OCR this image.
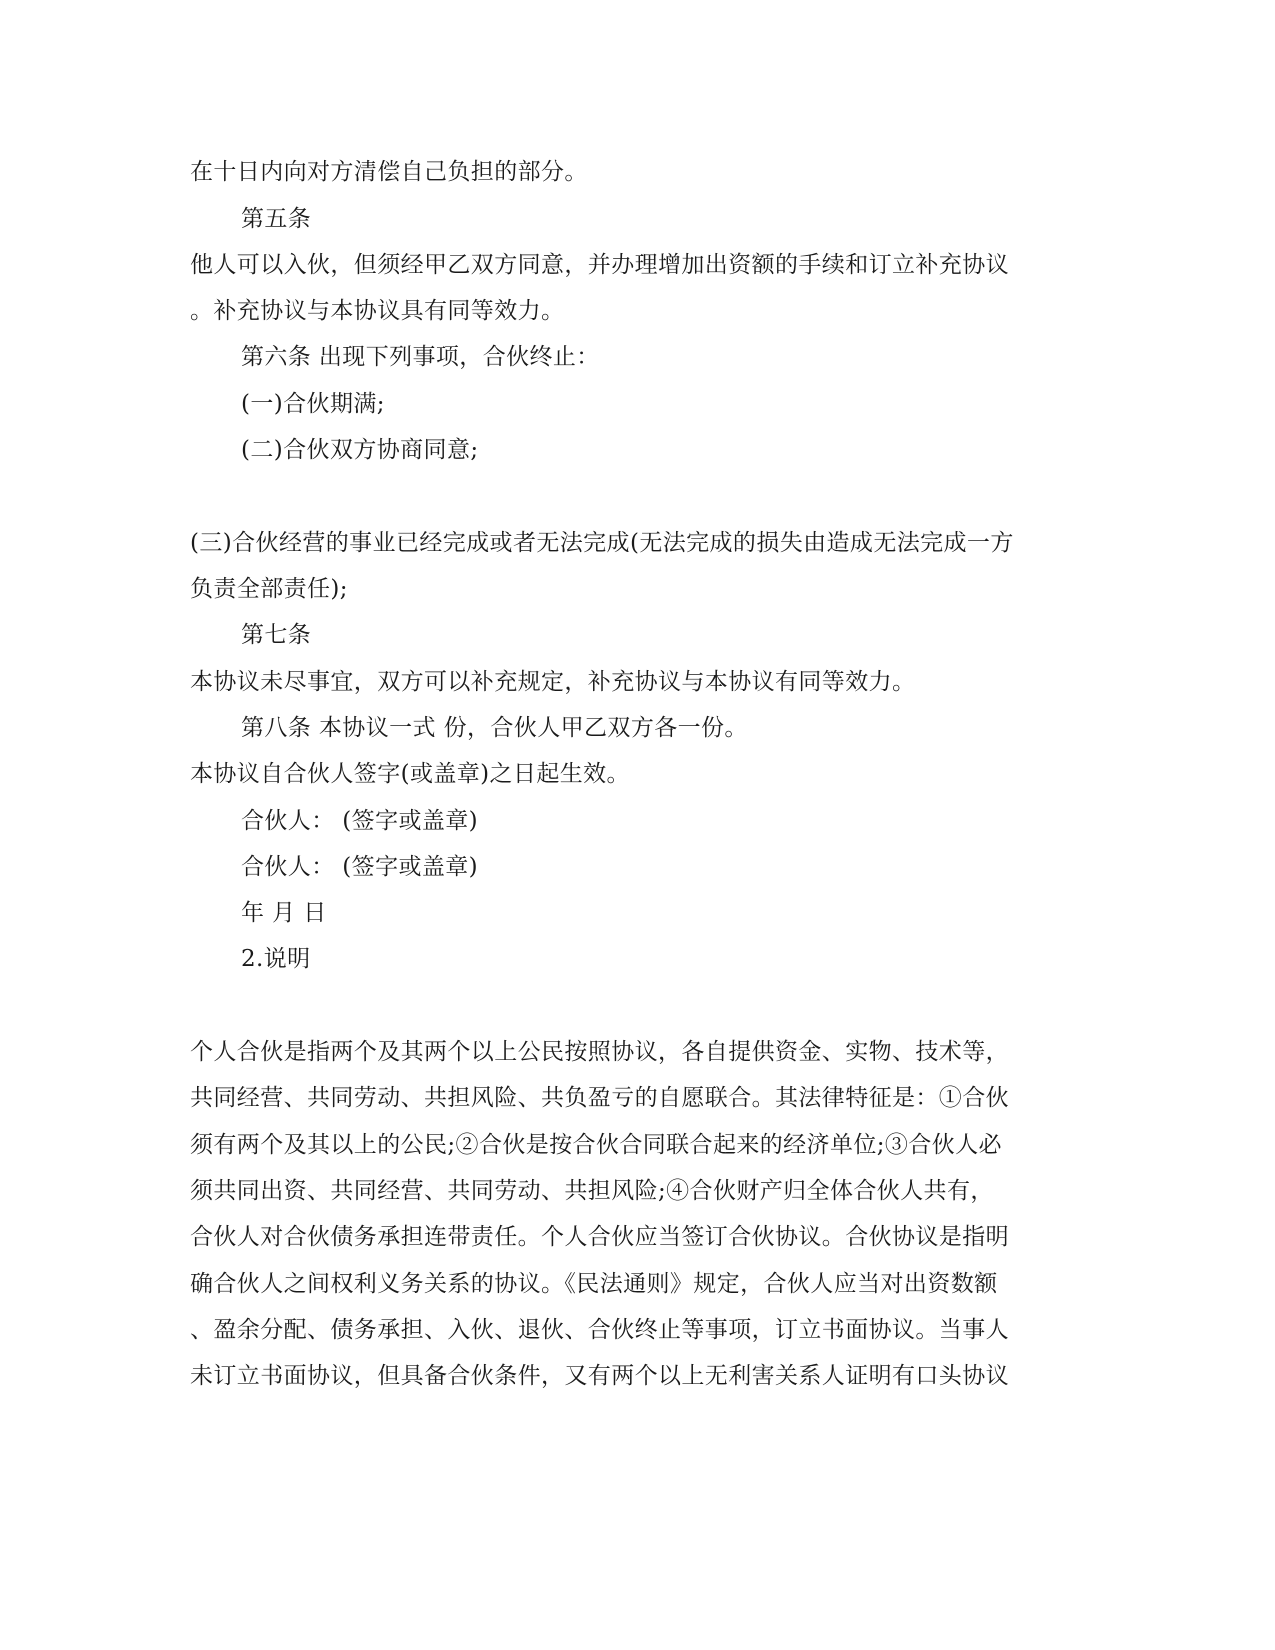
在十日内向对方清偿自己负担的部分。
第五条
他人可以入伙，但须经甲乙双方同意，并办理增加出资额的手续和订立补充协议
。补充协议与本协议具有同等效力。
第六条 出现下列事项，合伙终止：
(一)合伙期满;
(二)合伙双方协商同意;
(三)合伙经营的事业已经完成或者无法完成(无法完成的损失由造成无法完成一方
负责全部责任);
第七条
本协议未尽事宜，双方可以补充规定，补充协议与本协议有同等效力。
第八条 本协议一式 份，合伙人甲乙双方各一份。
本协议自合伙人签字(或盖章)之日起生效。
合伙人： (签字或盖章)
合伙人： (签字或盖章)
年 月 日
2.说明
个人合伙是指两个及其两个以上公民按照协议，各自提供资金、实物、技术等，
共同经营、共同劳动、共担风险、共负盈亏的自愿联合。其法律特征是：①合伙
须有两个及其以上的公民;②合伙是按合伙合同联合起来的经济单位;③合伙人必
须共同出资、共同经营、共同劳动、共担风险;④合伙财产归全体合伙人共有，
合伙人对合伙债务承担连带责任。个人合伙应当签订合伙协议。合伙协议是指明
确合伙人之间权利义务关系的协议。《民法通则》规定，合伙人应当对出资数额
、盈余分配、债务承担、入伙、退伙、合伙终止等事项，订立书面协议。当事人
未订立书面协议，但具备合伙条件，又有两个以上无利害关系人证明有口头协议
